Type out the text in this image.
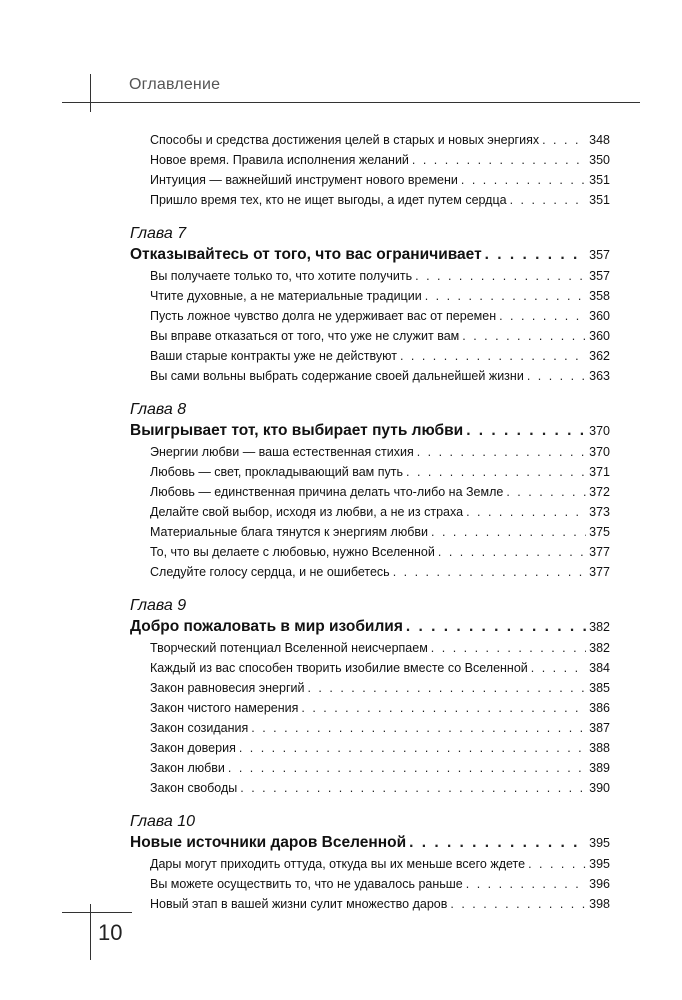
Оглавление
Способы и средства достижения целей в старых и новых энергиях . . .	348
Новое время. Правила исполнения желаний . . .	350
Интуиция — важнейший инструмент нового времени . . .	351
Пришло время тех, кто не ищет выгоды, а идет путем сердца . . .	351
Глава 7
Отказывайтесь от того, что вас ограничивает . . .	357
Вы получаете только то, что хотите получить . . .	357
Чтите духовные, а не материальные традиции . . .	358
Пусть ложное чувство долга не удерживает вас от перемен . . .	360
Вы вправе отказаться от того, что уже не служит вам . . .	360
Ваши старые контракты уже не действуют . . .	362
Вы сами вольны выбрать содержание своей дальнейшей жизни . . .	363
Глава 8
Выигрывает тот, кто выбирает путь любви . . .	370
Энергии любви — ваша естественная стихия . . .	370
Любовь — свет, прокладывающий вам путь . . .	371
Любовь — единственная причина делать что-либо на Земле . . .	372
Делайте свой выбор, исходя из любви, а не из страха . . .	373
Материальные блага тянутся к энергиям любви . . .	375
То, что вы делаете с любовью, нужно Вселенной . . .	377
Следуйте голосу сердца, и не ошибетесь . . .	377
Глава 9
Добро пожаловать в мир изобилия . . .	382
Творческий потенциал Вселенной неисчерпаем . . .	382
Каждый из вас способен творить изобилие вместе со Вселенной . . .	384
Закон равновесия энергий . . .	385
Закон чистого намерения . . .	386
Закон созидания . . .	387
Закон доверия . . .	388
Закон любви . . .	389
Закон свободы . . .	390
Глава 10
Новые источники даров Вселенной . . .	395
Дары могут приходить оттуда, откуда вы их меньше всего ждете . . .	395
Вы можете осуществить то, что не удавалось раньше . . .	396
Новый этап в вашей жизни сулит множество даров . . .	398
10
